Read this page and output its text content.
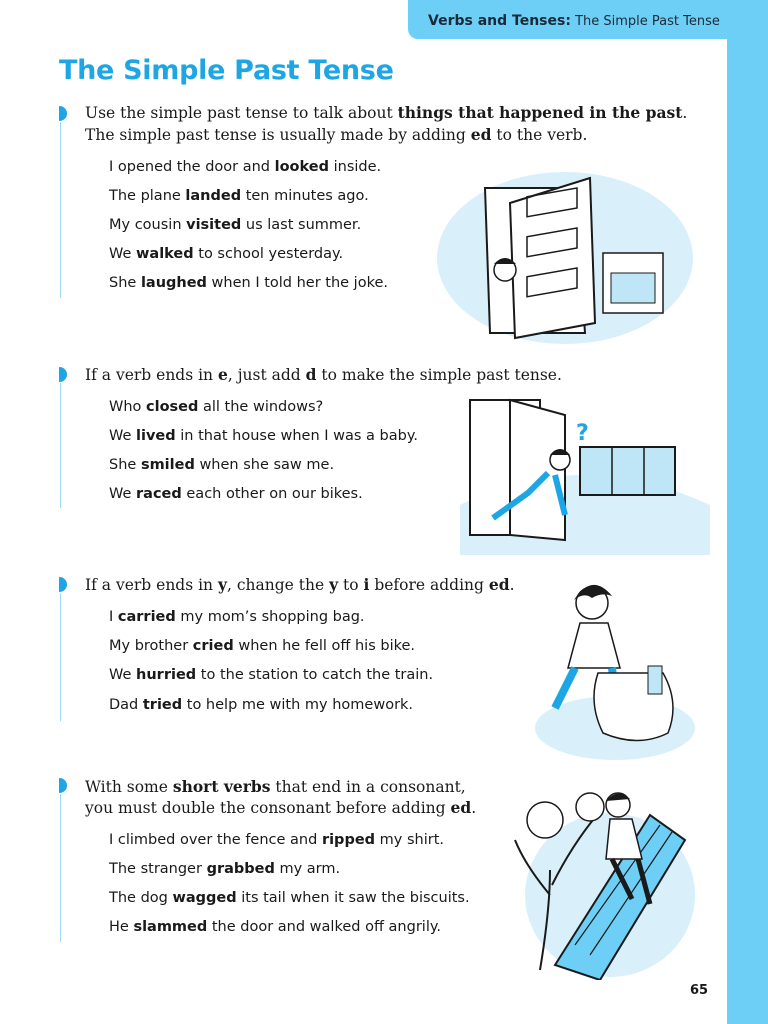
Verbs and Tenses: The Simple Past Tense
The Simple Past Tense
Use the simple past tense to talk about things that happened in the past.
The simple past tense is usually made by adding ed to the verb.
I opened the door and looked inside.
The plane landed ten minutes ago.
My cousin visited us last summer.
We walked to school yesterday.
She laughed when I told her the joke.
If a verb ends in e, just add d to make the simple past tense.
Who closed all the windows?
We lived in that house when I was a baby.
She smiled when she saw me.
We raced each other on our bikes.
?
If a verb ends in y, change the y to i before adding ed.
I carried my mom’s shopping bag.
My brother cried when he fell off his bike.
We hurried to the station to catch the train.
Dad tried to help me with my homework.
With some short verbs that end in a consonant,
you must double the consonant before adding ed.
I climbed over the fence and ripped my shirt.
The stranger grabbed my arm.
The dog wagged its tail when it saw the biscuits.
He slammed the door and walked off angrily.
65
